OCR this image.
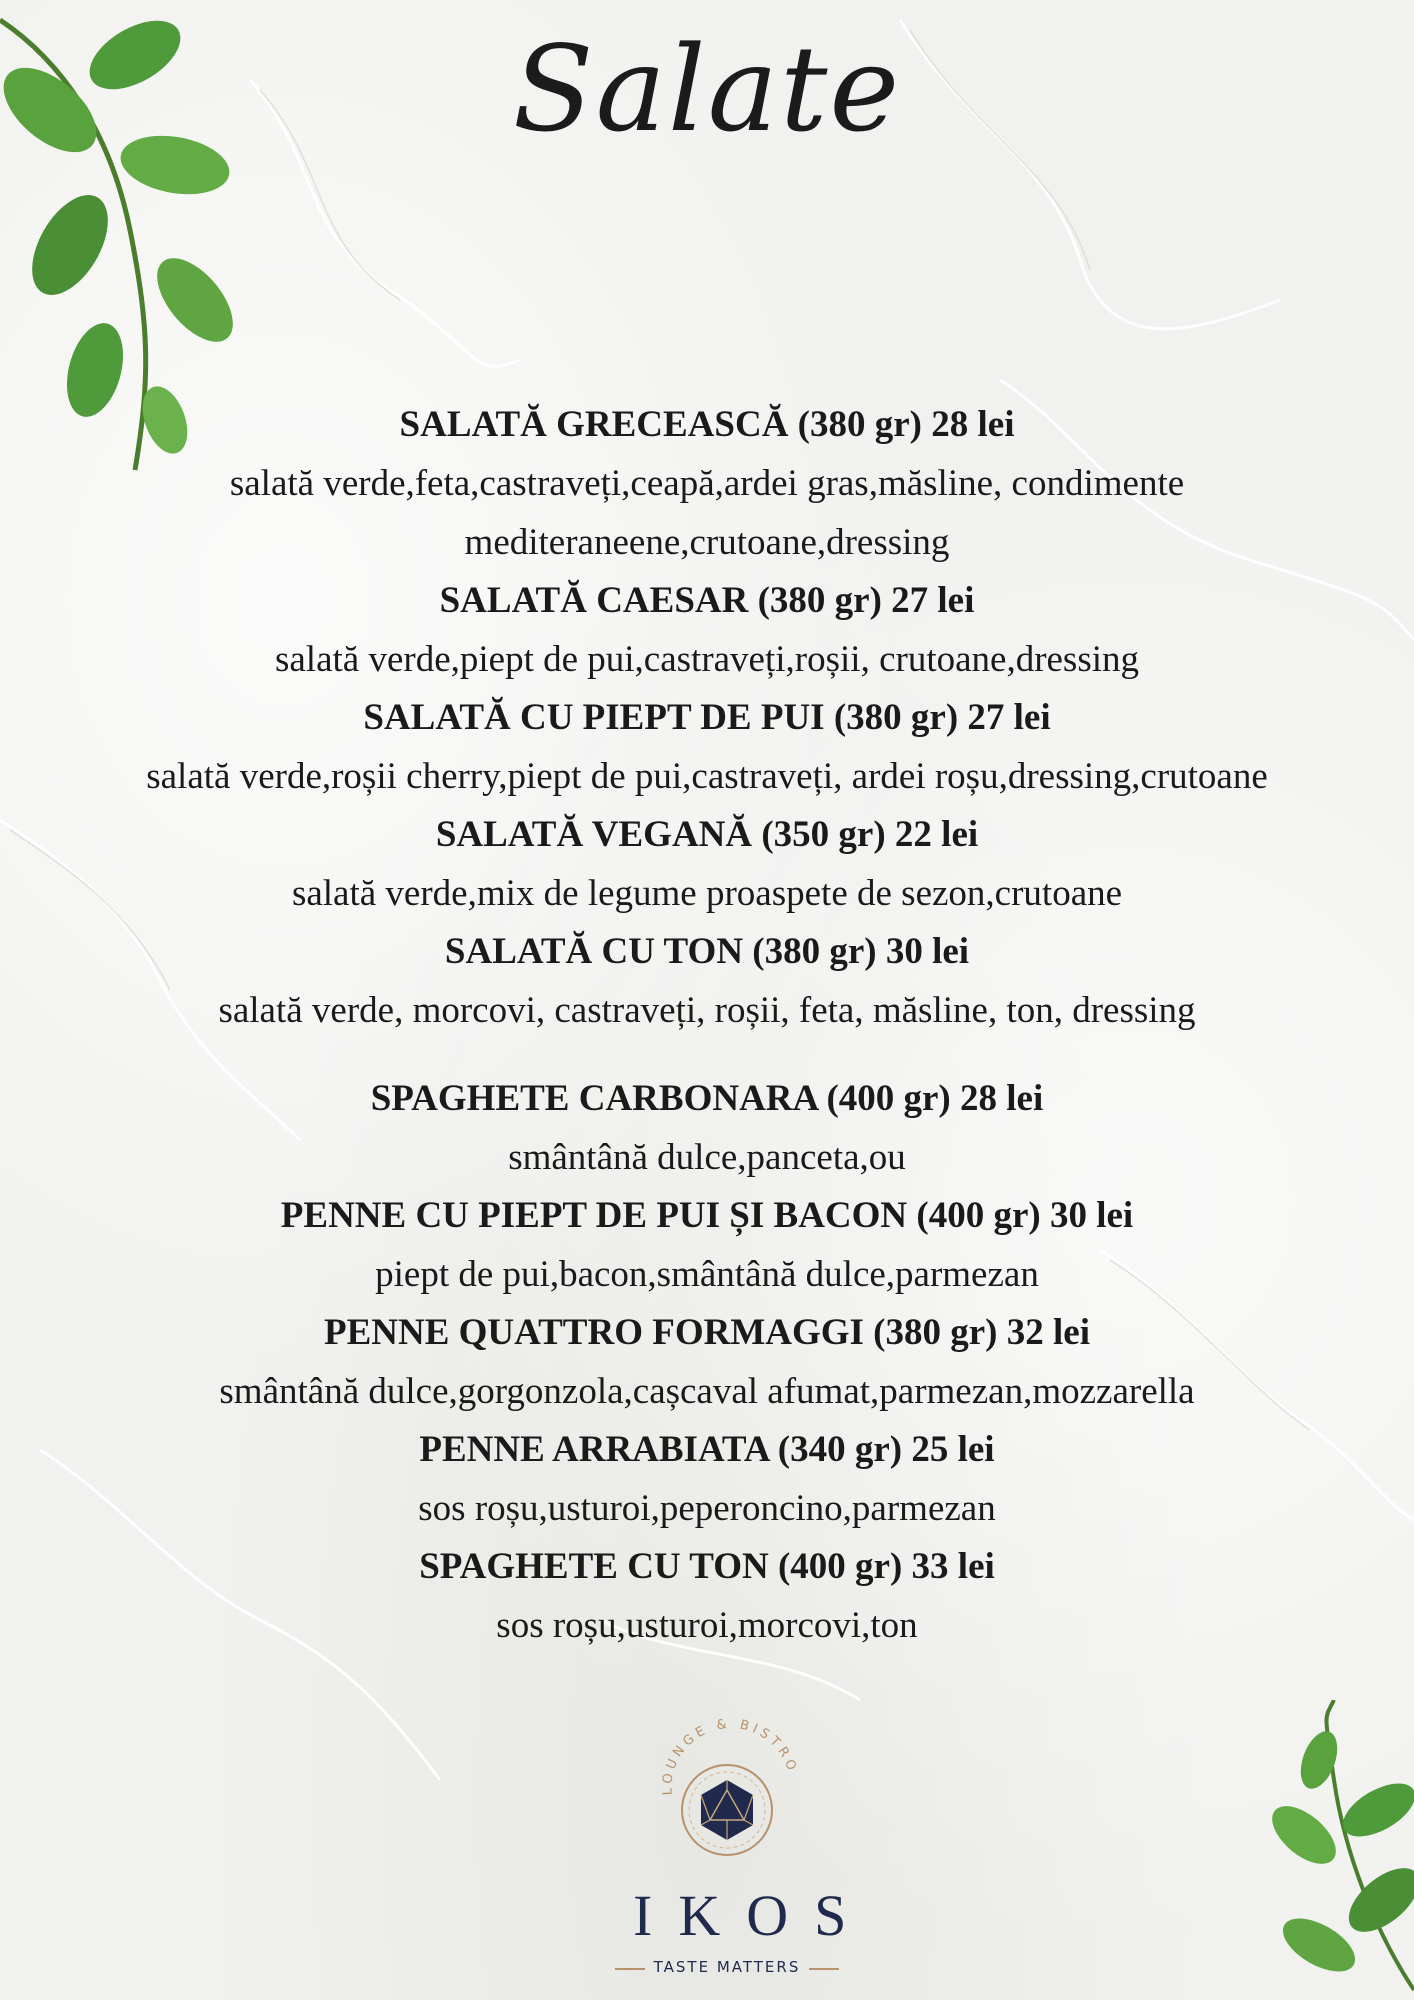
Salate
SALATĂ GRECEASCĂ (380 gr) 28 lei
salată verde,feta,castraveți,ceapă,ardei gras,măsline, condimente
mediteraneene,crutoane,dressing
SALATĂ CAESAR (380 gr) 27 lei
salată verde,piept de pui,castraveți,roșii, crutoane,dressing
SALATĂ CU PIEPT DE PUI (380 gr) 27 lei
salată verde,roșii cherry,piept de pui,castraveți, ardei roșu,dressing,crutoane
SALATĂ VEGANĂ (350 gr) 22 lei
salată verde,mix de legume proaspete de sezon,crutoane
SALATĂ CU TON (380 gr) 30 lei
salată verde, morcovi, castraveți, roșii, feta, măsline, ton, dressing
SPAGHETE CARBONARA (400 gr) 28 lei
smântână dulce,panceta,ou
PENNE CU PIEPT DE PUI ȘI BACON (400 gr) 30 lei
piept de pui,bacon,smântână dulce,parmezan
PENNE QUATTRO FORMAGGI (380 gr) 32 lei
smântână dulce,gorgonzola,cașcaval afumat,parmezan,mozzarella
PENNE ARRABIATA (340 gr) 25 lei
sos roșu,usturoi,peperoncino,parmezan
SPAGHETE CU TON (400 gr) 33 lei
sos roșu,usturoi,morcovi,ton
LOUNGE & BISTRO
IKOS
TASTE MATTERS
